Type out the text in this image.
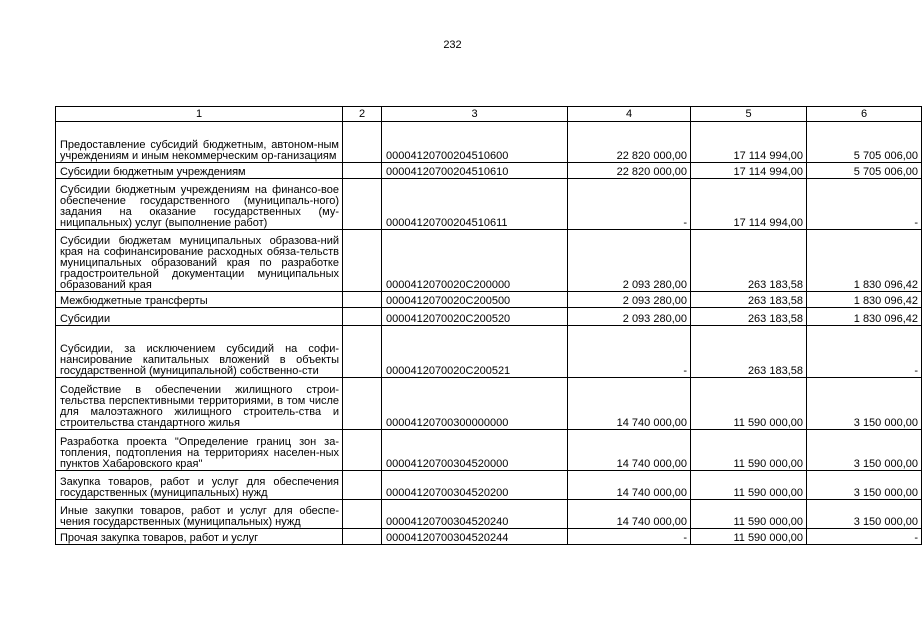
232
1	2	3	4	5	6
Предоставление субсидий бюджетным, автоном-ным учреждениям и иным некоммерческим ор-ганизациям		00004120700204510600	22 820 000,00	17 114 994,00	5 705 006,00
Субсидии бюджетным учреждениям		00004120700204510610	22 820 000,00	17 114 994,00	5 705 006,00
Субсидии бюджетным учреждениям на финансо-вое обеспечение государственного (муниципаль-ного) задания на оказание государственных (му-ниципальных) услуг (выполнение работ)		00004120700204510611	-	17 114 994,00	-
Субсидии бюджетам муниципальных образова-ний края на софинансирование расходных обяза-тельств муниципальных образований края по разработке градостроительной документации муниципальных образований края		0000412070020C200000	2 093 280,00	263 183,58	1 830 096,42
Межбюджетные трансферты		0000412070020C200500	2 093 280,00	263 183,58	1 830 096,42
Субсидии		0000412070020C200520	2 093 280,00	263 183,58	1 830 096,42
Субсидии, за исключением субсидий на софи-нансирование капитальных вложений в объекты государственной (муниципальной) собственно-сти		0000412070020C200521	-	263 183,58	-
Содействие в обеспечении жилищного строи-тельства перспективными территориями, в том числе для малоэтажного жилищного строитель-ства и строительства стандартного жилья		00004120700300000000	14 740 000,00	11 590 000,00	3 150 000,00
Разработка проекта "Определение границ зон за-топления, подтопления на территориях населен-ных пунктов Хабаровского края"		00004120700304520000	14 740 000,00	11 590 000,00	3 150 000,00
Закупка товаров, работ и услуг для обеспечения государственных (муниципальных) нужд		00004120700304520200	14 740 000,00	11 590 000,00	3 150 000,00
Иные закупки товаров, работ и услуг для обеспе-чения государственных (муниципальных) нужд		00004120700304520240	14 740 000,00	11 590 000,00	3 150 000,00
Прочая закупка товаров, работ и услуг		00004120700304520244	-	11 590 000,00	-
